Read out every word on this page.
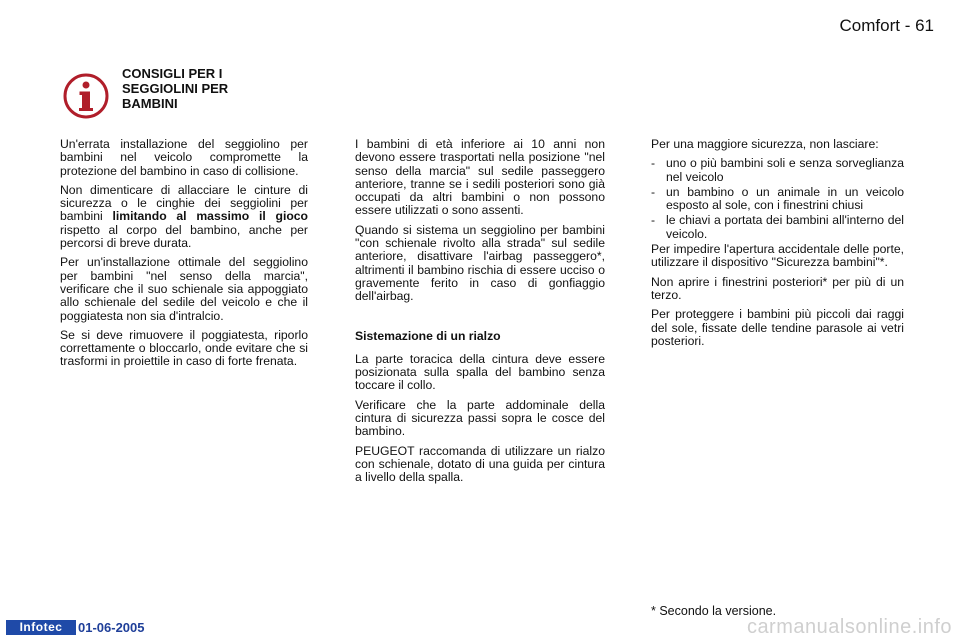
Comfort - 61
CONSIGLI PER I
SEGGIOLINI PER
BAMBINI

Un'errata installazione del seggiolino per bambini nel veicolo compromette la protezione del bambino in caso di collisione.

Non dimenticare di allacciare le cinture di sicurezza o le cinghie dei seggiolini per bambini limitando al massimo il gioco rispetto al corpo del bambino, anche per percorsi di breve durata.

Per un'installazione ottimale del seggiolino per bambini "nel senso della marcia", verificare che il suo schienale sia appoggiato allo schienale del sedile del veicolo e che il poggiatesta non sia d'intralcio.

Se si deve rimuovere il poggiatesta, riporlo correttamente o bloccarlo, onde evitare che si trasformi in proiettile in caso di forte frenata.

I bambini di età inferiore ai 10 anni non devono essere trasportati nella posizione "nel senso della marcia" sul sedile passeggero anteriore, tranne se i sedili posteriori sono già occupati da altri bambini o non possono essere utilizzati o sono assenti.

Quando si sistema un seggiolino per bambini "con schienale rivolto alla strada" sul sedile anteriore, disattivare l'airbag passeggero*, altrimenti il bambino rischia di essere ucciso o gravemente ferito in caso di gonfiaggio dell'airbag.

Sistemazione di un rialzo

La parte toracica della cintura deve essere posizionata sulla spalla del bambino senza toccare il collo.

Verificare che la parte addominale della cintura di sicurezza passi sopra le cosce del bambino.

PEUGEOT raccomanda di utilizzare un rialzo con schienale, dotato di una guida per cintura a livello della spalla.

Per una maggiore sicurezza, non lasciare:

- uno o più bambini soli e senza sorveglianza nel veicolo
- un bambino o un animale in un veicolo esposto al sole, con i finestrini chiusi
- le chiavi a portata dei bambini all'interno del veicolo.

Per impedire l'apertura accidentale delle porte, utilizzare il dispositivo "Sicurezza bambini"*.

Non aprire i finestrini posteriori* per più di un terzo.

Per proteggere i bambini più piccoli dai raggi del sole, fissate delle tendine parasole ai vetri posteriori.

* Secondo la versione.
Infotec	01-06-2005	carmanualsonline.info
